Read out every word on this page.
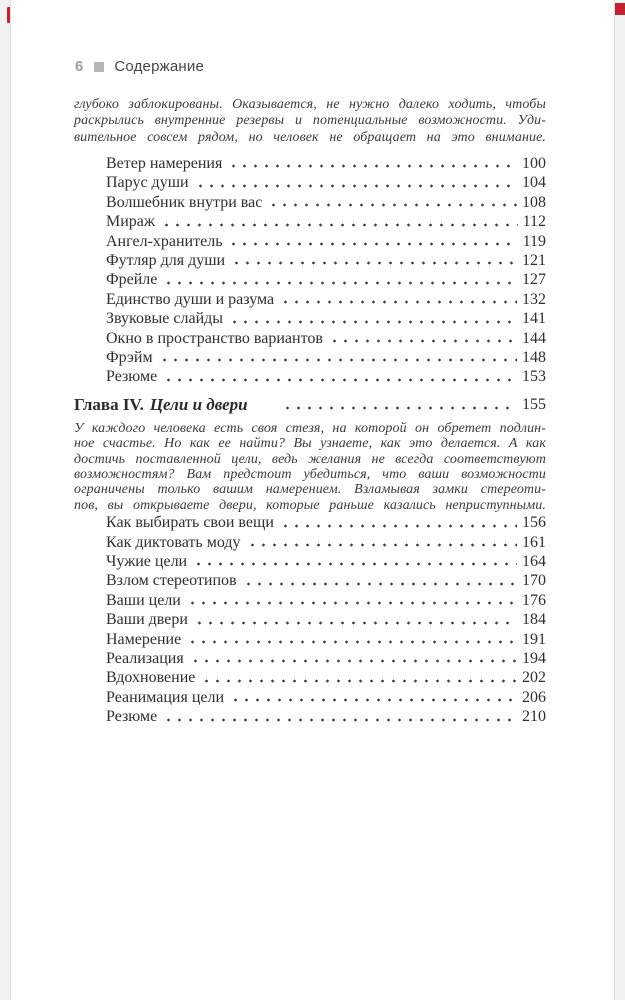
6 Содержание
глубоко заблокированы. Оказывается, не нужно далеко ходить, чтобы
раскрылись внутренние резервы и потенциальные возможности. Уди-
вительное совсем рядом, но человек не обращает на это внимание.
Ветер намерения	100
Парус души	104
Волшебник внутри вас	108
Мираж	112
Ангел-хранитель	119
Футляр для души	121
Фрейле	127
Единство души и разума	132
Звуковые слайды	141
Окно в пространство вариантов	144
Фрэйм	148
Резюме	153
Глава IV. Цели и двери	155
У каждого человека есть своя стезя, на которой он обретет подлин-
ное счастье. Но как ее найти? Вы узнаете, как это делается. А как
достичь поставленной цели, ведь желания не всегда соответствуют
возможностям? Вам предстоит убедиться, что ваши возможности
ограничены только вашим намерением. Взламывая замки стереоти-
пов, вы открываете двери, которые раньше казались неприступными.
Как выбирать свои вещи	156
Как диктовать моду	161
Чужие цели	164
Взлом стереотипов	170
Ваши цели	176
Ваши двери	184
Намерение	191
Реализация	194
Вдохновение	202
Реанимация цели	206
Резюме	210
